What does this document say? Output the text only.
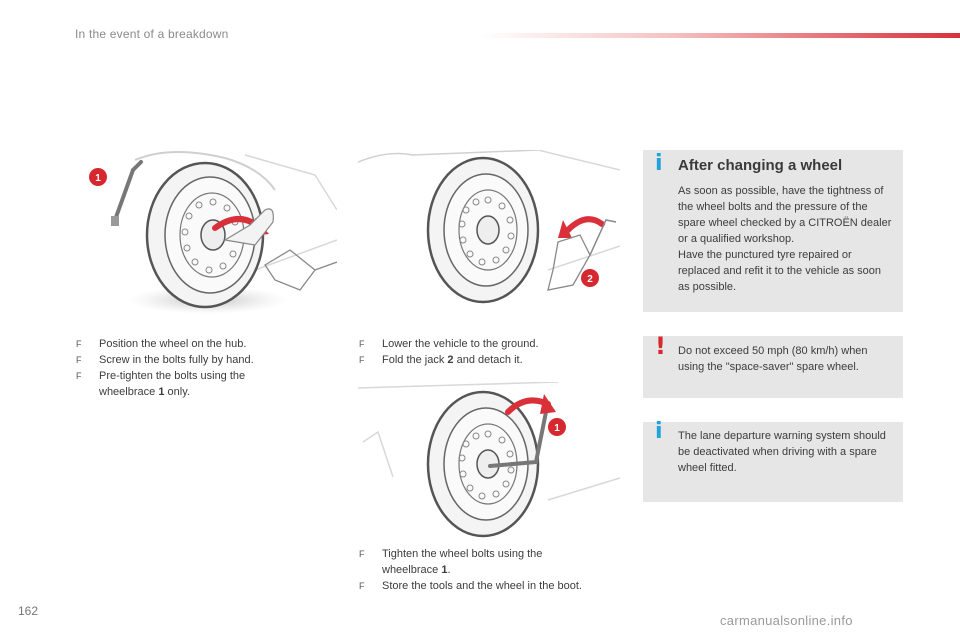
In the event of a breakdown
1
2
1
F Position the wheel on the hub.
F Screw in the bolts fully by hand.
F Pre-tighten the bolts using the wheelbrace 1 only.
F Lower the vehicle to the ground.
F Fold the jack 2 and detach it.
F Tighten the wheel bolts using the wheelbrace 1.
F Store the tools and the wheel in the boot.
i After changing a wheel
As soon as possible, have the tightness of the wheel bolts and the pressure of the spare wheel checked by a CITROËN dealer or a qualified workshop.
Have the punctured tyre repaired or replaced and refit it to the vehicle as soon as possible.
! Do not exceed 50 mph (80 km/h) when using the "space-saver" spare wheel.
i The lane departure warning system should be deactivated when driving with a spare wheel fitted.
162
carmanualsonline.info
